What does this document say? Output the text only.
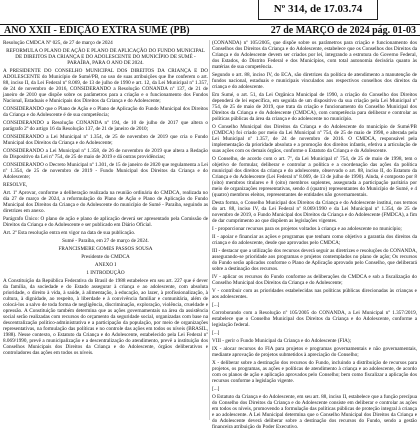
Nº 314, de 17.03.74
ANO XXII - EDIÇÃO EXTRA SUMÉ (PB)	27 de MARÇO de 2024 pág. 01-03

Resolução CMDCA Nº 025, de 27 de março de 2024

REFORMULA O PLANO DE AÇÃO E PLANO DE APLICAÇÃO DO FUNDO MUNICIPAL DE DIREITOS DA CRIANÇA E DO ADOLESCENTE DO MUNICÍPIO DE SUMÉ - PARAÍBA, PARA O ANO DE 2024.

A PRESIDENTE DO CONSELHO MUNICIPAL DOS DIREITOS DA CRIANÇA E DO ADOLESCENTE do Município de Sumé/PB, no uso de suas atribuições que lhe conferem o art. 88, inciso II, da Lei Federal nº 8.069, de 13 de julho de 1990 e art. 12, da Lei Municipal nº 1.357, de 24 de novembro de 2016, CONSIDERANDO a Resolução CONANDA nº 137, de 21 de janeiro de 2010 que dispõe sobre os parâmetros para a criação e o funcionamento dos Fundos Nacional, Estaduais e Municipais dos Direitos da Criança e do Adolescente;

CONSIDERANDO que o Plano de Ação e o Plano de Aplicação do Fundo Municipal dos Direitos da Criança e do Adolescente é de sua competência;

CONSIDERANDO a Resolução CONANDA nº 194, de 10 de julho de 2017 que altera o parágrafo 2º do artigo 16 da Resolução 137, de 21 de janeiro de 2010;

CONSIDERANDO a Lei Municipal nº 1.354, de 25 de novembro de 2019 que cria o Fundo Municipal dos Direitos da Criança e do Adolescente;

CONSIDERANDO a Lei Municipal nº 1.358, de 26 de novembro de 2019 que altera a Redação do Dispositivo da Lei nº 754, de 25 de maio de 2019 e dá outras providências;

CONSIDERANDO o Decreto Municipal nº 1.301, de 15 de janeiro de 2020 que regulamenta a Lei nº 1.354, de 25 de novembro de 2019 - Fundo Municipal dos Direitos da Criança e do Adolescente;

RESOLVE,

Art. 1º Aprovar, conforme a deliberação realizada na reunião ordinária do CMDCA, realizada no dia 27 de março de 2024, a reformulação do Plano de Ação e Plano de Aplicação do Fundo Municipal dos Direitos da Criança e do Adolescente do município de Sumé - Paraíba, seguindo as diretrizes em anexo.

Parágrafo Único: O plano de ação e plano de aplicação deverá ser apresentado pela Comissão de Direitos da Criança e do Adolescente e ser publicado em Diário Oficial.

Art. 2º Esta resolução entra em vigor na data de sua publicação.

Sumé - Paraíba, em 27 de março de 2024.

FRANCISMERE GOMES PASSOS SOUSA

Presidente do CMDCA

ANEXO I

1 INTRODUÇÃO

A Constituição da República Federativa do Brasil de 1988 estabelece em seu art. 227 que é dever da família, da sociedade e do Estado assegurar à criança e ao adolescente, com absoluta prioridade, o direito à vida, à saúde, à alimentação, à educação, ao lazer, à profissionalização, à cultura, à dignidade, ao respeito, à liberdade e à convivência familiar e comunitária, além de colocá-los a salvo de toda forma de negligência, discriminação, exploração, violência, crueldade e opressão. A Constituição também determina que as ações governamentais na área da assistência social serão realizadas com recursos do orçamento da seguridade social, organizadas com base na descentralização político-administrativa e a participação da população, por meio de organizações representativas, na formulação das políticas e no controle das ações em todos os níveis (BRASIL, 1988). Nesse contexto, o Estatuto da Criança e do Adolescente, estabelecido pela Lei Federal nº 8.069/1990, prevê a municipalização e a descentralização do atendimento, prevê a instituição dos Conselhos Municipais dos Direitos da Criança e do Adolescente, órgãos deliberativos e controladores das ações em todos os níveis.

(CONANDA) nº 105/2005, que dispõe sobre os parâmetros para criação e funcionamento dos Conselhos dos Direitos da Criança e do Adolescente, estabelece que os Conselhos dos Direitos da Criança e do Adolescente devem ser criados por lei, integrando a estrutura do Governo Federal, dos Estados, do Distrito Federal e dos Municípios, com total autonomia decisória quanto às matérias de sua competência.

Segundo o art. 88, inciso IV, do ECA, são diretrizes da política de atendimento a manutenção de fundos nacional, estaduais e municipais vinculados aos respectivos conselhos dos direitos da criança e do adolescente.

Em Sumé, o art. 51, da Lei Orgânica Municipal de 1990, a criação do Conselho dos Direitos dependerá de lei específica, em seguida de um dispositivo da sua criação pela Lei Municipal nº 754, de 25 de maio de 2019, que trata da criação e funcionamento do Conselho Municipal dos Direitos da Criança e do Adolescente (CMDCA), com competência para deliberar e controlar as políticas públicas da área da criança e do adolescente no município.

O Conselho Municipal dos Direitos da Criança e do Adolescente do município de Sumé/PB (CMDCA) foi criado por meio da Lei Municipal nº 754, de 25 de maio de 1998, e alterada pela Lei Municipal nº 1.357, de 24 de novembro de 2016. O CMDCA, responsável pela implementação da prioridade absoluta e a promoção dos direitos infantis, efetiva a articulação de suas ações com os demais órgãos, conforme o Estatuto da Criança e do Adolescente.

O Conselho, de acordo com o art. 7º, da Lei Municipal nº 754, de 25 de maio de 1998, tem o objetivo de formular, deliberar e controlar a política e a coordenação das ações da política municipal dos direitos da criança e do adolescente, observado o art. 88, inciso II, do Estatuto da Criança e do Adolescente (Lei Federal nº 8.069, de 13 de julho de 1990). Ainda, é composto por 8 (oito) membros titulares e 8 (oito) membros suplentes, assegurada a participação paritária por meio de organizações representativas, sendo 4 (quatro) representantes do Município de Sumé, e 4 (quatro) membros eleitos, representantes de entidades não governamentais.

Desta forma, o Conselho Municipal dos Direitos da Criança e do Adolescente institui, nos termos do art. 88, inciso IV, da Lei Federal nº 8.069/1990 e da Lei Municipal nº 1.354, de 25 de novembro de 2019, o Fundo Municipal dos Direitos da Criança e do Adolescente (FMDCA), a fim de dar cumprimento ao que dispõem as legislações vigentes.

I - proporcionar recursos para os projetos voltados à criança e ao adolescente no município;

II - apoiar e financiar as ações e programas que tenham como objetivo a garantia dos direitos da criança e do adolescente, desde que aprovados pelo CMDCA;

III - destacar que a utilização dos recursos deverá seguir as diretrizes e resoluções do CONANDA, assegurando-se prioridade aos programas e projetos contemplados no plano de ação; Os recursos do Fundo serão aplicados conforme o Plano de Aplicação aprovado pelo Conselho, que deliberará sobre a destinação dos recursos.

IV - aplicar os recursos do Fundo conforme as deliberações do CMDCA e sob a fiscalização do Conselho Municipal dos Direitos da Criança e do Adolescente;

V - contribuir com as prioridades estabelecidas nas políticas públicas direcionadas às crianças e aos adolescentes.

[...]

Corroborando com a Resolução nº 105/2005 do CONANDA, a Lei Municipal nº 1.357/2019, estabelece que o Conselho Municipal dos Direitos da Criança e do Adolescente, conforme a legislação federal.

[...]

VIII - gerir o Fundo Municipal da Criança e do Adolescente (FIA);

IX - alocar recursos do FIA para projetos e programas governamentais e não governamentais, mediante aprovação de projetos submetidos à apreciação do Conselho;

X - deliberar sobre a destinação dos recursos do Fundo, incluindo a distribuição de recursos para projetos, os programas, as ações e políticas de atendimento à criança e ao adolescente, de acordo com os planos de ação e aplicação aprovados pelo Conselho; bem como fiscalizar a aplicação dos recursos conforme a legislação vigente.

[...]

O Estatuto da Criança e do Adolescente, em seu art. 88, inciso II, estabelece que a função precípua do Conselho dos Direitos da Criança e do Adolescente consiste em deliberar e controlar as ações em todos os níveis, promovendo a formulação das políticas públicas de proteção integral à criança e ao adolescente. A Lei Municipal determina que o Conselho Municipal dos Direitos da Criança e do Adolescente deverá deliberar sobre a destinação dos recursos do Fundo, sendo a gestão financeira atribuição do Poder Executivo.
